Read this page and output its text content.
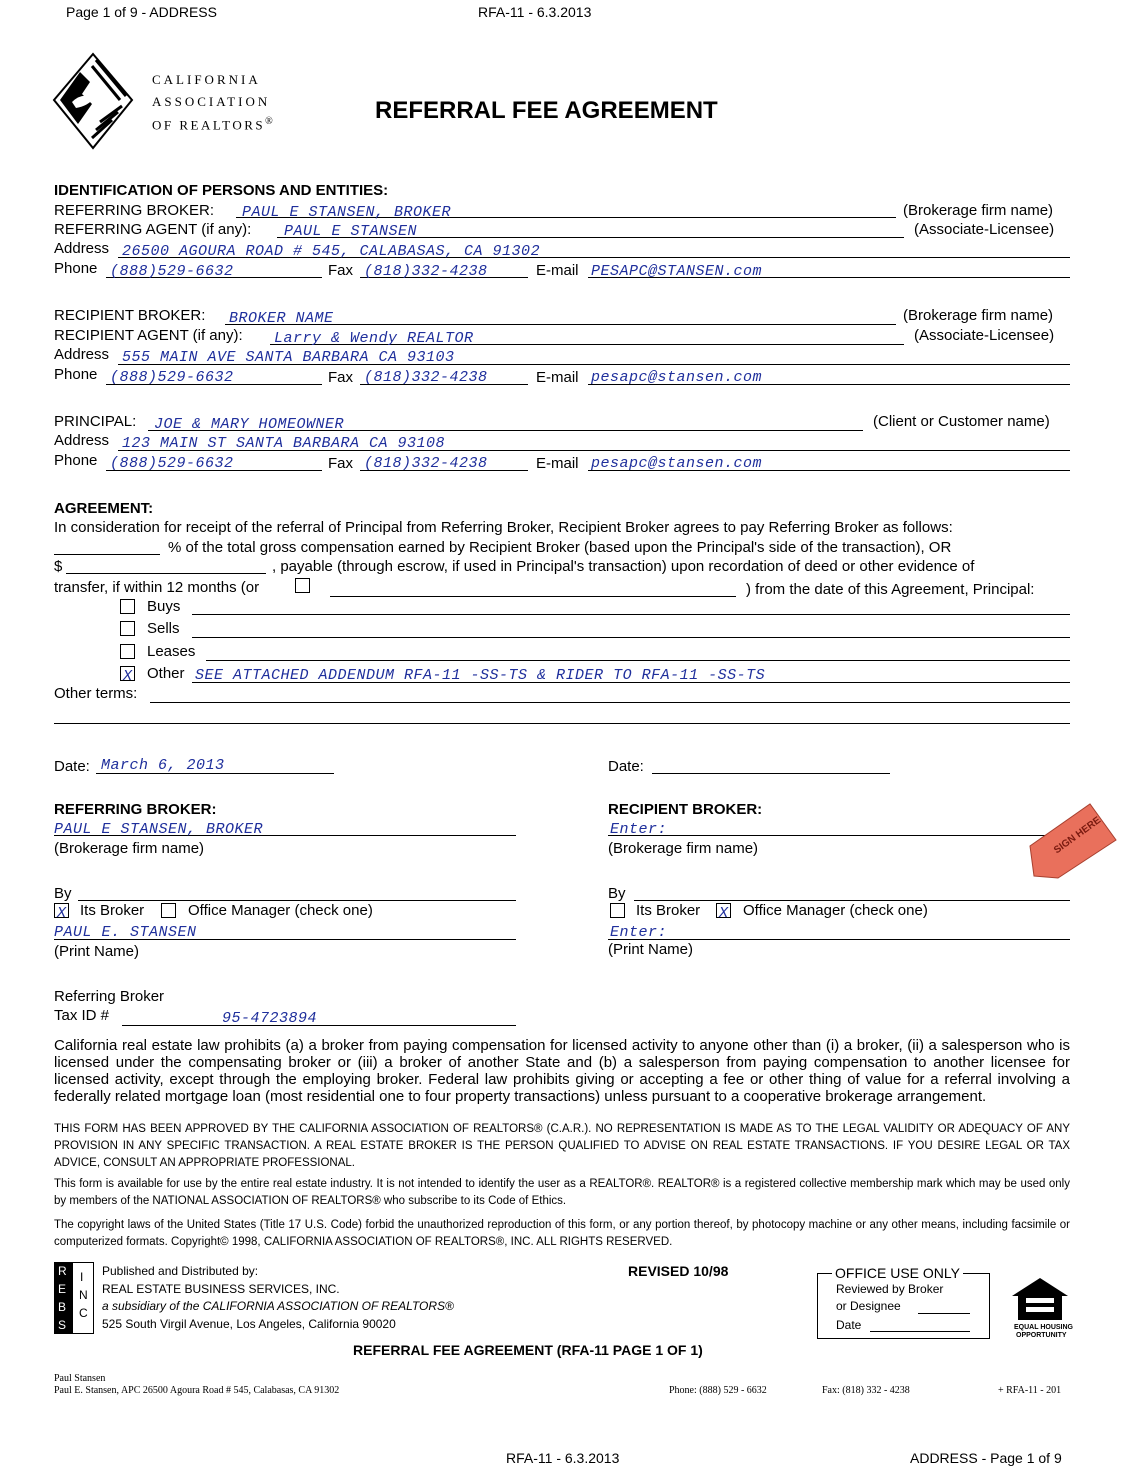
Page 1 of 9 - ADDRESS	RFA-11 - 6.3.2013
CALIFORNIA
ASSOCIATION
OF REALTORS®	REFERRAL FEE AGREEMENT
IDENTIFICATION OF PERSONS AND ENTITIES:
REFERRING BROKER: PAUL E STANSEN, BROKER	(Brokerage firm name)
REFERRING AGENT (if any): PAUL E STANSEN	(Associate-Licensee)
Address 26500 AGOURA ROAD # 545, CALABASAS, CA 91302
Phone (888)529-6632	Fax (818)332-4238	E-mail PESAPC@STANSEN.com
RECIPIENT BROKER: BROKER NAME	(Brokerage firm name)
RECIPIENT AGENT (if any): Larry & Wendy REALTOR	(Associate-Licensee)
Address 555 MAIN AVE SANTA BARBARA CA 93103
Phone (888)529-6632	Fax (818)332-4238	E-mail pesapc@stansen.com
PRINCIPAL: JOE & MARY HOMEOWNER	(Client or Customer name)
Address 123 MAIN ST SANTA BARBARA CA 93108
Phone (888)529-6632	Fax (818)332-4238	E-mail pesapc@stansen.com
AGREEMENT:
In consideration for receipt of the referral of Principal from Referring Broker, Recipient Broker agrees to pay Referring Broker as follows:
% of the total gross compensation earned by Recipient Broker (based upon the Principal's side of the transaction), OR
$	, payable (through escrow, if used in Principal's transaction) upon recordation of deed or other evidence of
transfer, if within 12 months (or	) from the date of this Agreement, Principal:
Buys
Sells
Leases
X Other SEE ATTACHED ADDENDUM RFA-11 -SS-TS & RIDER TO RFA-11 -SS-TS
Other terms:
Date: March 6, 2013
REFERRING BROKER:
PAUL E STANSEN, BROKER
(Brokerage firm name)
By
X Its Broker	Office Manager (check one)
PAUL E. STANSEN
(Print Name)
Referring Broker
Tax ID #	95-4723894
Date:
RECIPIENT BROKER:
Enter:
(Brokerage firm name)
By
Its Broker X Office Manager (check one)
Enter:
(Print Name)
SIGN HERE
California real estate law prohibits (a) a broker from paying compensation for licensed activity to anyone other than (i) a broker, (ii) a salesperson who is licensed under the compensating broker or (iii) a broker of another State and (b) a salesperson from paying compensation to another licensee for licensed activity, except through the employing broker. Federal law prohibits giving or accepting a fee or other thing of value for a referral involving a federally related mortgage loan (most residential one to four property transactions) unless pursuant to a cooperative brokerage arrangement.
THIS FORM HAS BEEN APPROVED BY THE CALIFORNIA ASSOCIATION OF REALTORS® (C.A.R.). NO REPRESENTATION IS MADE AS TO THE LEGAL VALIDITY OR ADEQUACY OF ANY PROVISION IN ANY SPECIFIC TRANSACTION. A REAL ESTATE BROKER IS THE PERSON QUALIFIED TO ADVISE ON REAL ESTATE TRANSACTIONS. IF YOU DESIRE LEGAL OR TAX ADVICE, CONSULT AN APPROPRIATE PROFESSIONAL.
This form is available for use by the entire real estate industry. It is not intended to identify the user as a REALTOR®. REALTOR® is a registered collective membership mark which may be used only by members of the NATIONAL ASSOCIATION OF REALTORS® who subscribe to its Code of Ethics.
The copyright laws of the United States (Title 17 U.S. Code) forbid the unauthorized reproduction of this form, or any portion thereof, by photocopy machine or any other means, including facsimile or computerized formats. Copyright© 1998, CALIFORNIA ASSOCIATION OF REALTORS®, INC. ALL RIGHTS RESERVED.
R
E
B
S
I
N
C
Published and Distributed by:
REAL ESTATE BUSINESS SERVICES, INC.
a subsidiary of the CALIFORNIA ASSOCIATION OF REALTORS®
525 South Virgil Avenue, Los Angeles, California 90020
REVISED 10/98	OFFICE USE ONLY
Reviewed by Broker
or Designee
Date	EQUAL HOUSING
OPPORTUNITY
REFERRAL FEE AGREEMENT (RFA-11 PAGE 1 OF 1)
Paul Stansen
Paul E. Stansen, APC 26500 Agoura Road # 545, Calabasas, CA 91302	Phone: (888) 529 - 6632	Fax: (818) 332 - 4238	+ RFA-11 - 201
RFA-11 - 6.3.2013	ADDRESS - Page 1 of 9
